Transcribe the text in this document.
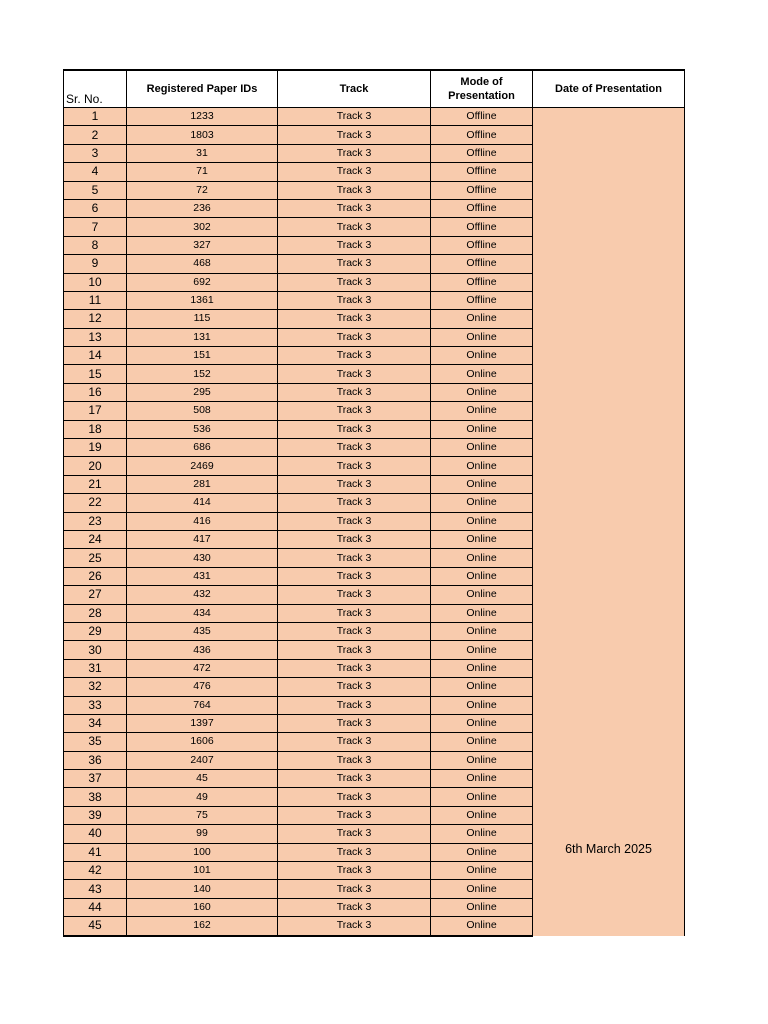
Sr. No.	Registered Paper IDs	Track	Mode of Presentation	Date of Presentation
1	1233	Track 3	Offline	6th March 2025
2	1803	Track 3	Offline	
3	31	Track 3	Offline	
4	71	Track 3	Offline	
5	72	Track 3	Offline	
6	236	Track 3	Offline	
7	302	Track 3	Offline	
8	327	Track 3	Offline	
9	468	Track 3	Offline	
10	692	Track 3	Offline	
11	1361	Track 3	Offline	
12	115	Track 3	Online	
13	131	Track 3	Online	
14	151	Track 3	Online	
15	152	Track 3	Online	
16	295	Track 3	Online	
17	508	Track 3	Online	
18	536	Track 3	Online	
19	686	Track 3	Online	
20	2469	Track 3	Online	
21	281	Track 3	Online	
22	414	Track 3	Online	
23	416	Track 3	Online	
24	417	Track 3	Online	
25	430	Track 3	Online	
26	431	Track 3	Online	
27	432	Track 3	Online	
28	434	Track 3	Online	
29	435	Track 3	Online	
30	436	Track 3	Online	
31	472	Track 3	Online	
32	476	Track 3	Online	
33	764	Track 3	Online	
34	1397	Track 3	Online	
35	1606	Track 3	Online	
36	2407	Track 3	Online	
37	45	Track 3	Online	
38	49	Track 3	Online	
39	75	Track 3	Online	
40	99	Track 3	Online	
41	100	Track 3	Online	
42	101	Track 3	Online	
43	140	Track 3	Online	
44	160	Track 3	Online	
45	162	Track 3	Online	
